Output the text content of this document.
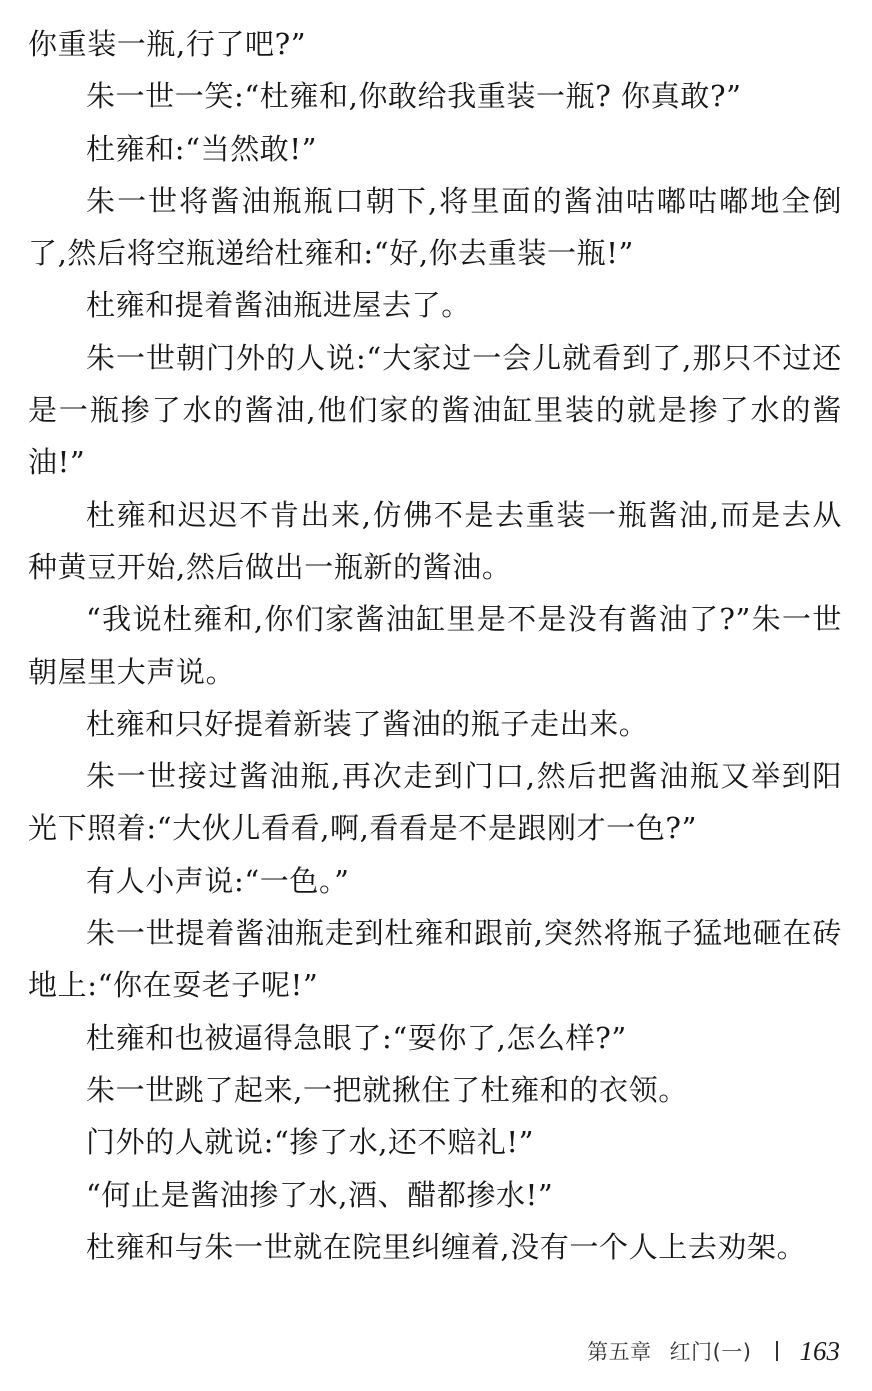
你重装一瓶,行了吧?”

朱一世一笑:“杜雍和,你敢给我重装一瓶? 你真敢?”

杜雍和:“当然敢!”

朱一世将酱油瓶瓶口朝下,将里面的酱油咕嘟咕嘟地全倒了,然后将空瓶递给杜雍和:“好,你去重装一瓶!”

杜雍和提着酱油瓶进屋去了。

朱一世朝门外的人说:“大家过一会儿就看到了,那只不过还是一瓶掺了水的酱油,他们家的酱油缸里装的就是掺了水的酱油!”

杜雍和迟迟不肯出来,仿佛不是去重装一瓶酱油,而是去从种黄豆开始,然后做出一瓶新的酱油。

“我说杜雍和,你们家酱油缸里是不是没有酱油了?”朱一世朝屋里大声说。

杜雍和只好提着新装了酱油的瓶子走出来。

朱一世接过酱油瓶,再次走到门口,然后把酱油瓶又举到阳光下照着:“大伙儿看看,啊,看看是不是跟刚才一色?”

有人小声说:“一色。”

朱一世提着酱油瓶走到杜雍和跟前,突然将瓶子猛地砸在砖地上:“你在耍老子呢!”

杜雍和也被逼得急眼了:“耍你了,怎么样?”

朱一世跳了起来,一把就揪住了杜雍和的衣领。

门外的人就说:“掺了水,还不赔礼!”

“何止是酱油掺了水,酒、醋都掺水!”

杜雍和与朱一世就在院里纠缠着,没有一个人上去劝架。

第五章 红门(一) 163
